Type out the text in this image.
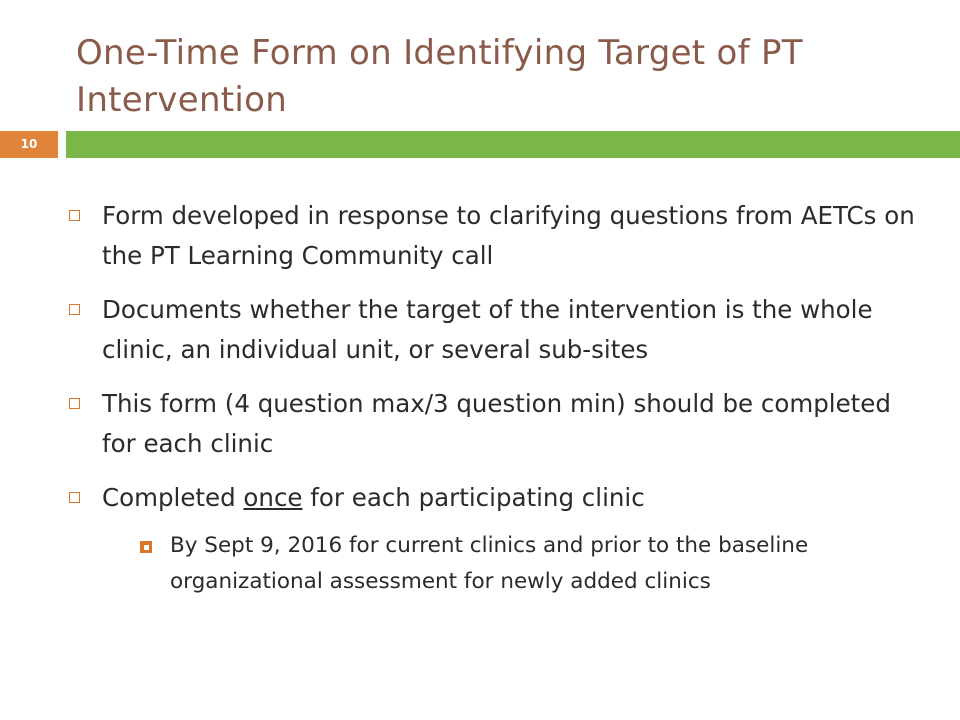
One-Time Form on Identifying Target of PT Intervention
10
Form developed in response to clarifying questions from AETCs on the PT Learning Community call
Documents whether the target of the intervention is the whole clinic, an individual unit, or several sub-sites
This form (4 question max/3 question min) should be completed for each clinic
Completed once for each participating clinic
By Sept 9, 2016 for current clinics and prior to the baseline organizational assessment for newly added clinics
